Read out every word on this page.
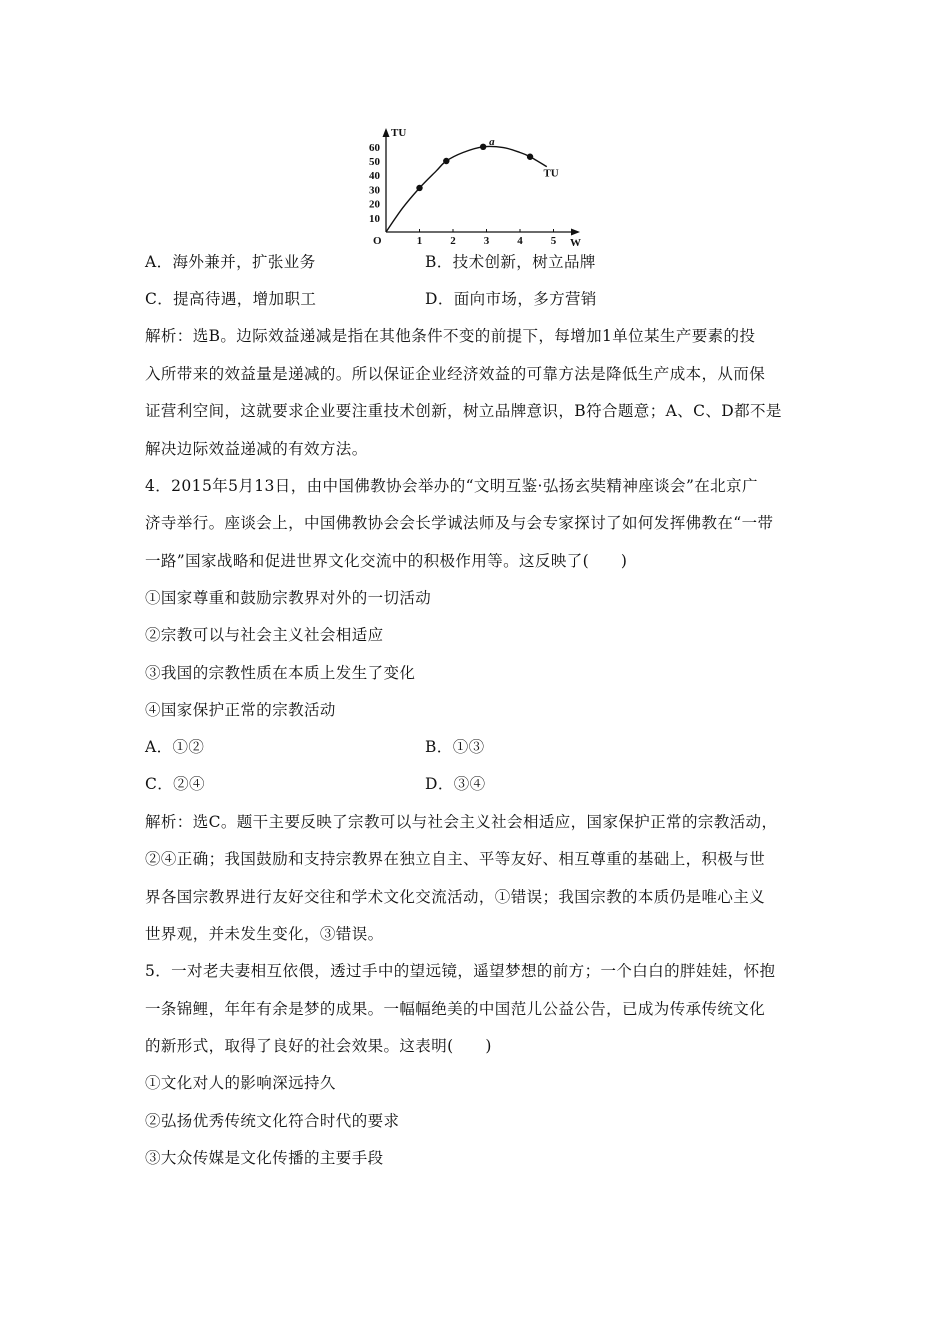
TU
W
O
10
20
30
40
50
60
1	2	3	4	5
a
TU
A．海外兼并，扩张业务	B．技术创新，树立品牌
C．提高待遇，增加职工	D．面向市场，多方营销
解析：选B。边际效益递减是指在其他条件不变的前提下，每增加1单位某生产要素的投
入所带来的效益量是递减的。所以保证企业经济效益的可靠方法是降低生产成本，从而保
证营利空间，这就要求企业要注重技术创新，树立品牌意识，B符合题意；A、C、D都不是
解决边际效益递减的有效方法。
4．2015年5月13日，由中国佛教协会举办的“文明互鉴·弘扬玄奘精神座谈会”在北京广
济寺举行。座谈会上，中国佛教协会会长学诚法师及与会专家探讨了如何发挥佛教在“一带
一路”国家战略和促进世界文化交流中的积极作用等。这反映了(　　)
①国家尊重和鼓励宗教界对外的一切活动
②宗教可以与社会主义社会相适应
③我国的宗教性质在本质上发生了变化
④国家保护正常的宗教活动
A．①②	B．①③
C．②④	D．③④
解析：选C。题干主要反映了宗教可以与社会主义社会相适应，国家保护正常的宗教活动，
②④正确；我国鼓励和支持宗教界在独立自主、平等友好、相互尊重的基础上，积极与世
界各国宗教界进行友好交往和学术文化交流活动，①错误；我国宗教的本质仍是唯心主义
世界观，并未发生变化，③错误。
5．一对老夫妻相互依偎，透过手中的望远镜，遥望梦想的前方；一个白白的胖娃娃，怀抱
一条锦鲤，年年有余是梦的成果。一幅幅绝美的中国范儿公益公告，已成为传承传统文化
的新形式，取得了良好的社会效果。这表明(　　)
①文化对人的影响深远持久
②弘扬优秀传统文化符合时代的要求
③大众传媒是文化传播的主要手段
